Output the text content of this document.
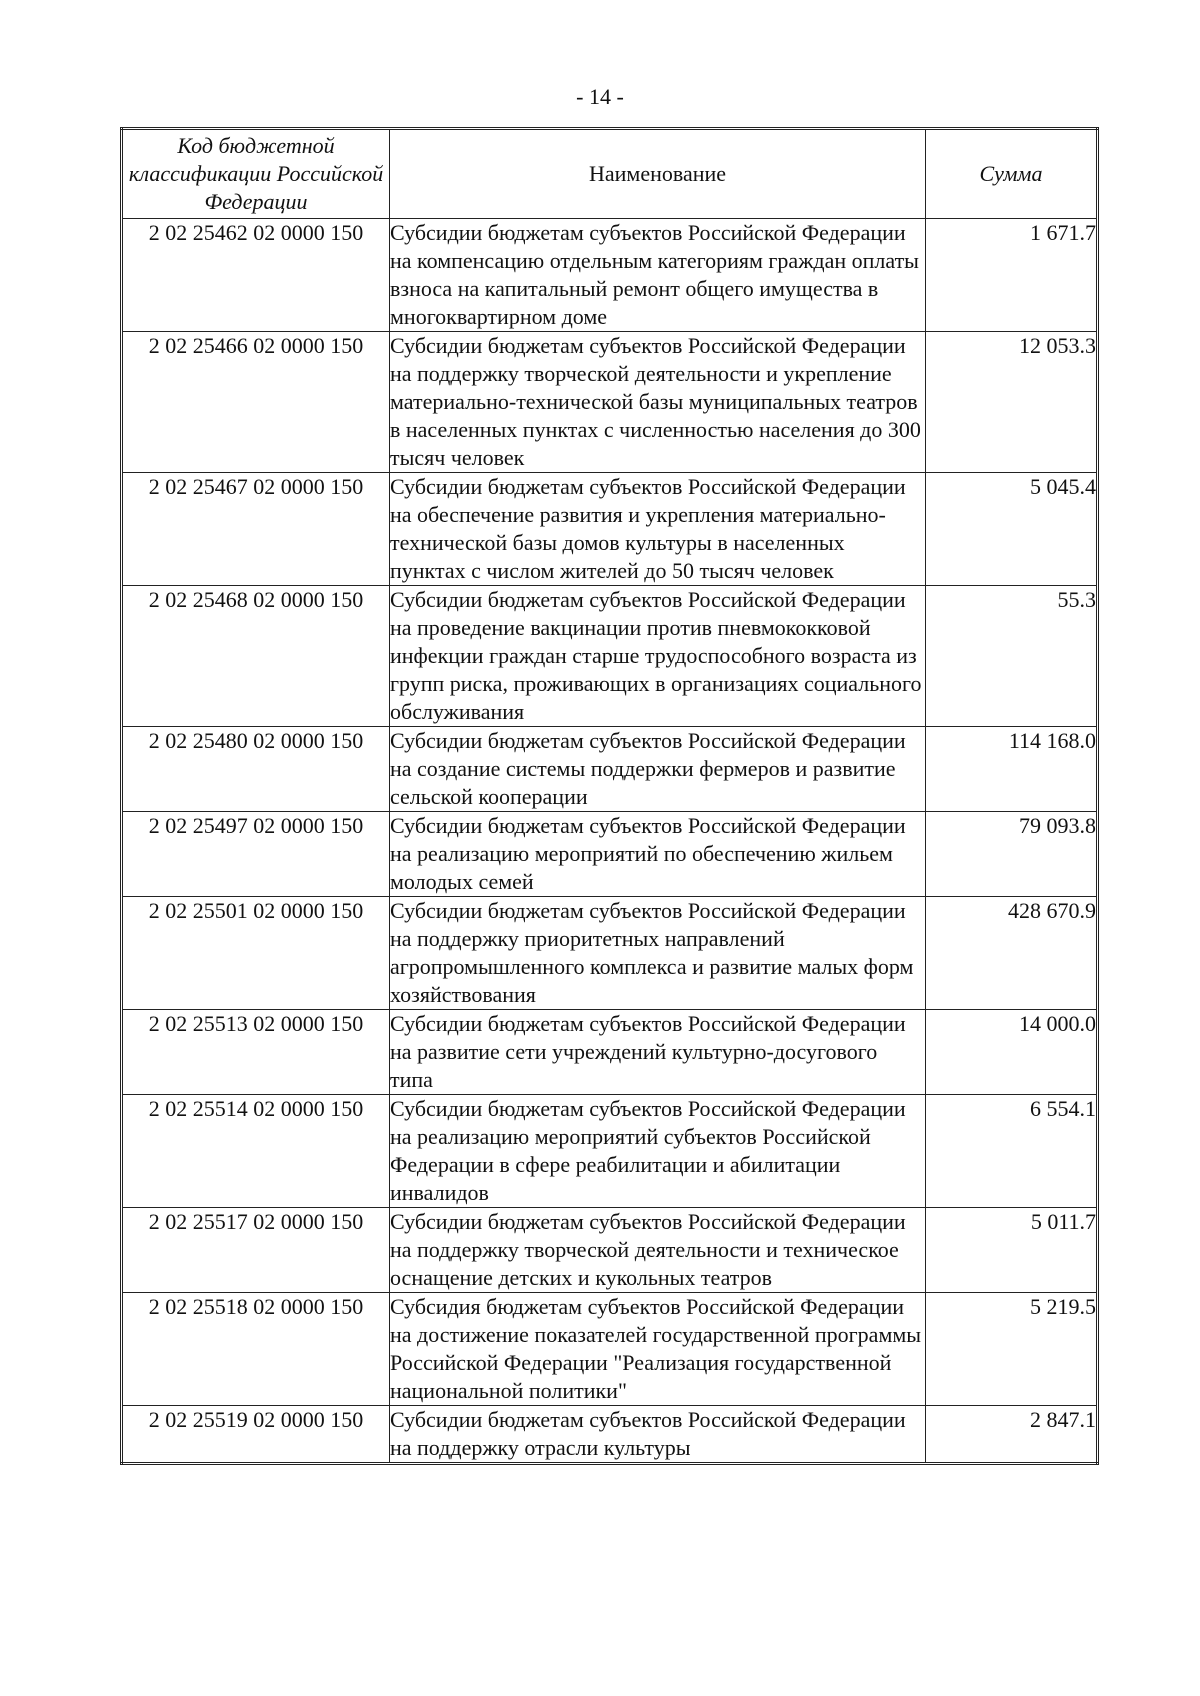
- 14 -
Код бюджетной классификации Российской Федерации	Наименование	Сумма
2 02 25462 02 0000 150	Субсидии бюджетам субъектов Российской Федерации на компенсацию отдельным категориям граждан оплаты взноса на капитальный ремонт общего имущества в многоквартирном доме	1 671.7
2 02 25466 02 0000 150	Субсидии бюджетам субъектов Российской Федерации на поддержку творческой деятельности и укрепление материально-технической базы муниципальных театров в населенных пунктах с численностью населения до 300 тысяч человек	12 053.3
2 02 25467 02 0000 150	Субсидии бюджетам субъектов Российской Федерации на обеспечение развития и укрепления материально-технической базы домов культуры в населенных пунктах с числом жителей до 50 тысяч человек	5 045.4
2 02 25468 02 0000 150	Субсидии бюджетам субъектов Российской Федерации на проведение вакцинации против пневмококковой инфекции граждан старше трудоспособного возраста из групп риска, проживающих в организациях социального обслуживания	55.3
2 02 25480 02 0000 150	Субсидии бюджетам субъектов Российской Федерации на создание системы поддержки фермеров и развитие сельской кооперации	114 168.0
2 02 25497 02 0000 150	Субсидии бюджетам субъектов Российской Федерации на реализацию мероприятий по обеспечению жильем молодых семей	79 093.8
2 02 25501 02 0000 150	Субсидии бюджетам субъектов Российской Федерации на поддержку приоритетных направлений агропромышленного комплекса и развитие малых форм хозяйствования	428 670.9
2 02 25513 02 0000 150	Субсидии бюджетам субъектов Российской Федерации на развитие сети учреждений культурно-досугового типа	14 000.0
2 02 25514 02 0000 150	Субсидии бюджетам субъектов Российской Федерации на реализацию мероприятий субъектов Российской Федерации в сфере реабилитации и абилитации инвалидов	6 554.1
2 02 25517 02 0000 150	Субсидии бюджетам субъектов Российской Федерации на поддержку творческой деятельности и техническое оснащение детских и кукольных театров	5 011.7
2 02 25518 02 0000 150	Субсидия бюджетам субъектов Российской Федерации на достижение показателей государственной программы Российской Федерации "Реализация государственной национальной политики"	5 219.5
2 02 25519 02 0000 150	Субсидии бюджетам субъектов Российской Федерации на поддержку отрасли культуры	2 847.1
